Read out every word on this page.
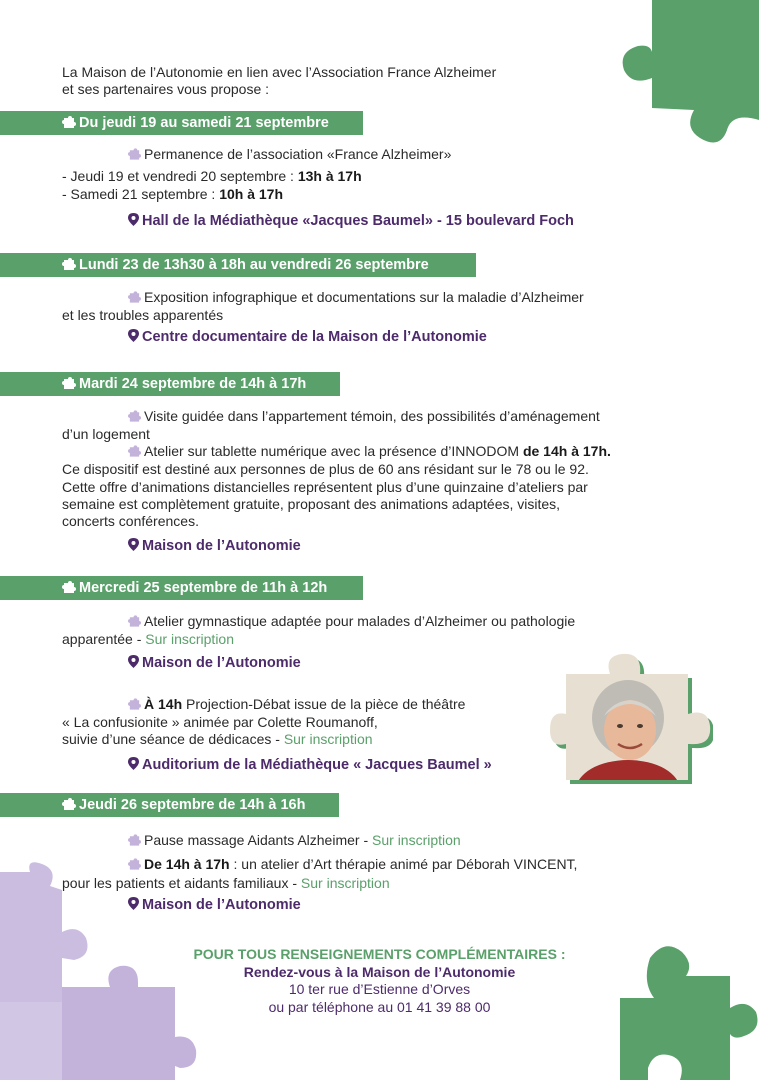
La Maison de l’Autonomie en lien avec l’Association France Alzheimer
et ses partenaires vous propose :
Du jeudi 19 au samedi 21 septembre
Permanence de l’association «France Alzheimer»
- Jeudi 19 et vendredi 20 septembre : 13h à 17h
- Samedi 21 septembre : 10h à 17h
Hall de la Médiathèque «Jacques Baumel» - 15 boulevard Foch
Lundi 23 de 13h30 à 18h au vendredi 26 septembre
Exposition infographique et documentations sur la maladie d’Alzheimer
et les troubles apparentés
Centre documentaire de la Maison de l’Autonomie
Mardi 24 septembre de 14h à 17h
Visite guidée dans l’appartement témoin, des possibilités d’aménagement
d’un logement
Atelier sur tablette numérique avec la présence d’INNODOM de 14h à 17h.
Ce dispositif est destiné aux personnes de plus de 60 ans résidant sur le 78 ou le 92.
Cette offre d’animations distancielles représentent plus d’une quinzaine d’ateliers par
semaine est complètement gratuite, proposant des animations adaptées, visites,
concerts conférences.
Maison de l’Autonomie
Mercredi 25 septembre de 11h à 12h
Atelier gymnastique adaptée pour malades d’Alzheimer ou pathologie
apparentée - Sur inscription
Maison de l’Autonomie
À 14h Projection-Débat issue de la pièce de théâtre
« La confusionite » animée par Colette Roumanoff,
suivie d’une séance de dédicaces - Sur inscription
Auditorium de la Médiathèque « Jacques Baumel »
Jeudi 26 septembre de 14h à 16h
Pause massage Aidants Alzheimer - Sur inscription
De 14h à 17h : un atelier d’Art thérapie animé par Déborah VINCENT,
pour les patients et aidants familiaux - Sur inscription
Maison de l’Autonomie
POUR TOUS RENSEIGNEMENTS COMPLÉMENTAIRES :
Rendez-vous à la Maison de l’Autonomie
10 ter rue d’Estienne d’Orves
ou par téléphone au 01 41 39 88 00
